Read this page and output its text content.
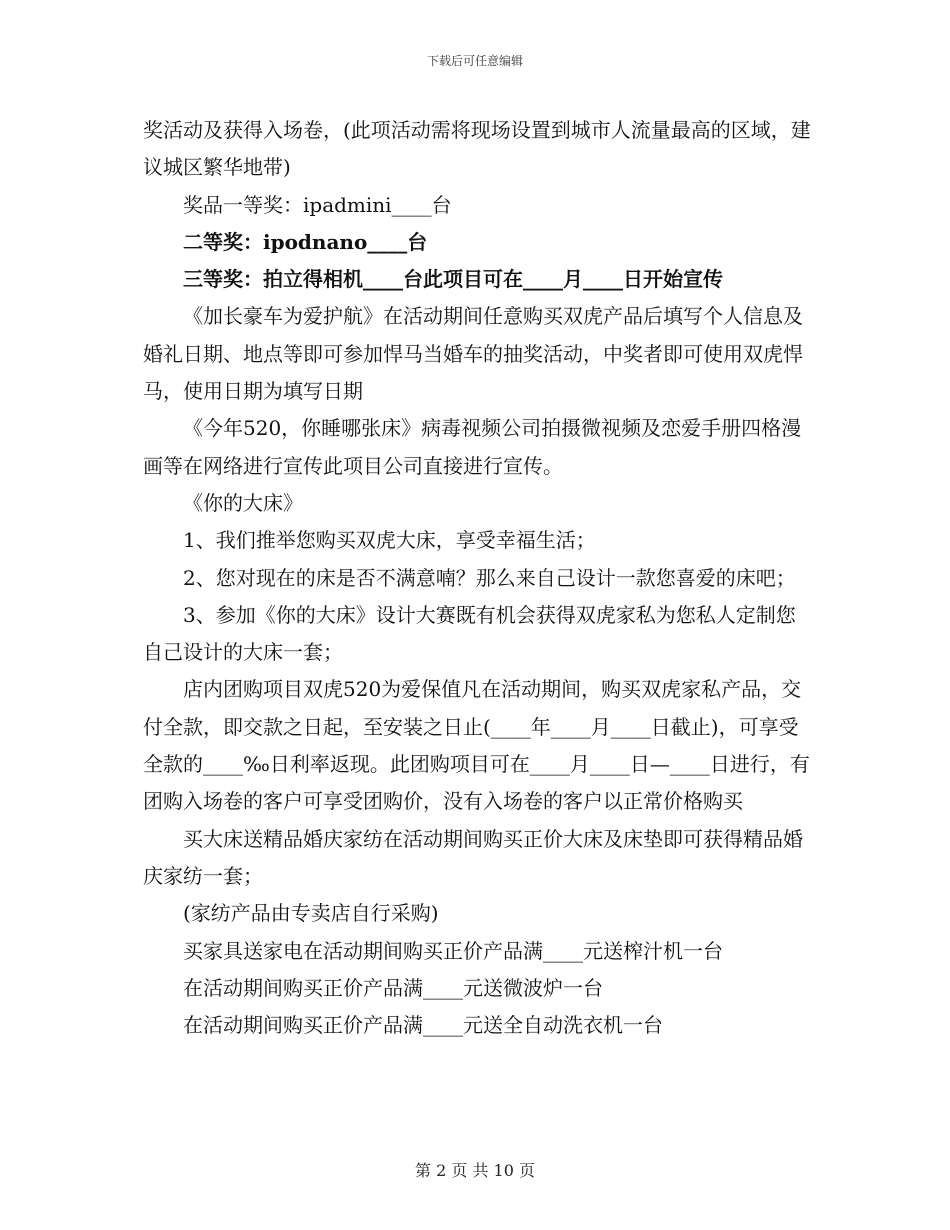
下载后可任意编辑

奖活动及获得入场卷，(此项活动需将现场设置到城市人流量最高的区域，建议城区繁华地带)

奖品一等奖：ipadmini____台

二等奖：ipodnano____台

三等奖：拍立得相机____台此项目可在____月____日开始宣传

《加长豪车为爱护航》在活动期间任意购买双虎产品后填写个人信息及婚礼日期、地点等即可参加悍马当婚车的抽奖活动，中奖者即可使用双虎悍马，使用日期为填写日期

《今年520，你睡哪张床》病毒视频公司拍摄微视频及恋爱手册四格漫画等在网络进行宣传此项目公司直接进行宣传。

《你的大床》

1、我们推举您购买双虎大床，享受幸福生活；

2、您对现在的床是否不满意喃？那么来自己设计一款您喜爱的床吧；

3、参加《你的大床》设计大赛既有机会获得双虎家私为您私人定制您自己设计的大床一套；

店内团购项目双虎520为爱保值凡在活动期间，购买双虎家私产品，交付全款，即交款之日起，至安装之日止(____年____月____日截止)，可享受全款的____‰日利率返现。此团购项目可在____月____日—____日进行，有团购入场卷的客户可享受团购价，没有入场卷的客户以正常价格购买

买大床送精品婚庆家纺在活动期间购买正价大床及床垫即可获得精品婚庆家纺一套；

(家纺产品由专卖店自行采购)

买家具送家电在活动期间购买正价产品满____元送榨汁机一台

在活动期间购买正价产品满____元送微波炉一台

在活动期间购买正价产品满____元送全自动洗衣机一台

第 2 页 共 10 页
